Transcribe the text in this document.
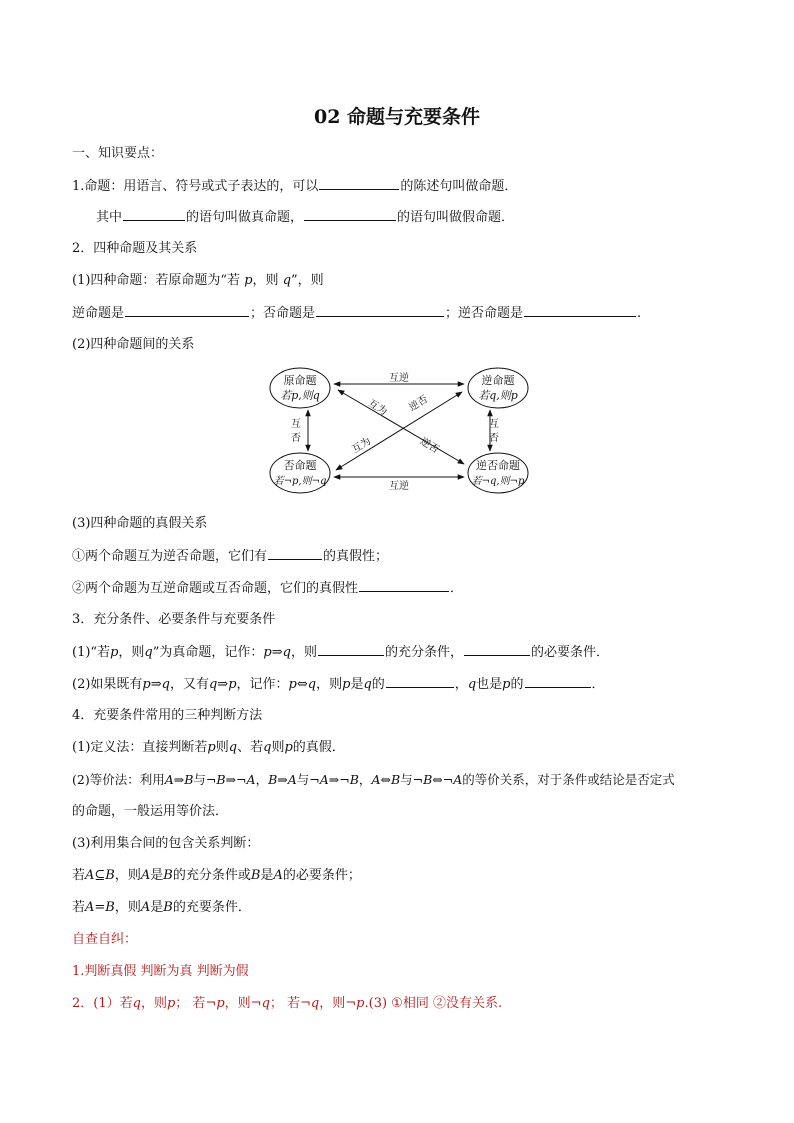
02 命题与充要条件
一、知识要点：
1.命题：用语言、符号或式子表达的，可以	的陈述句叫做命题．
其中	的语句叫做真命题，	的语句叫做假命题．
2．四种命题及其关系
(1)四种命题：若原命题为“若 p，则 q”，则
逆命题是	；否命题是	；逆否命题是	.
(2)四种命题间的关系
原命题
若p,则q
逆命题
若q,则p
否命题
若¬p,则¬q
逆否命题
若¬q,则¬p
互逆
互逆
互
否
互
否
互为 逆否
互为	逆否
(3)四种命题的真假关系
①两个命题互为逆否命题，它们有	的真假性；
②两个命题为互逆命题或互否命题，它们的真假性	．
3．充分条件、必要条件与充要条件
(1)“若p，则q”为真命题，记作：p⇒q，则	的充分条件，	的必要条件．
(2)如果既有p⇒q，又有q⇒p，记作：p⇔q，则p是q的	，q也是p的	．
4．充要条件常用的三种判断方法
(1)定义法：直接判断若p则q、若q则p的真假．
(2)等价法：利用A⇒B与¬B⇒¬A，B⇒A与¬A⇒¬B，A⇔B与¬B⇔¬A的等价关系，对于条件或结论是否定式
的命题，一般运用等价法．
(3)利用集合间的包含关系判断：
若A⊆B，则A是B的充分条件或B是A的必要条件；
若A=B，则A是B的充要条件．
自查自纠：
1.判断真假 判断为真 判断为假
2．(1）若q，则p； 若¬p，则¬q； 若¬q，则¬p.(3) ①相同 ②没有关系.
